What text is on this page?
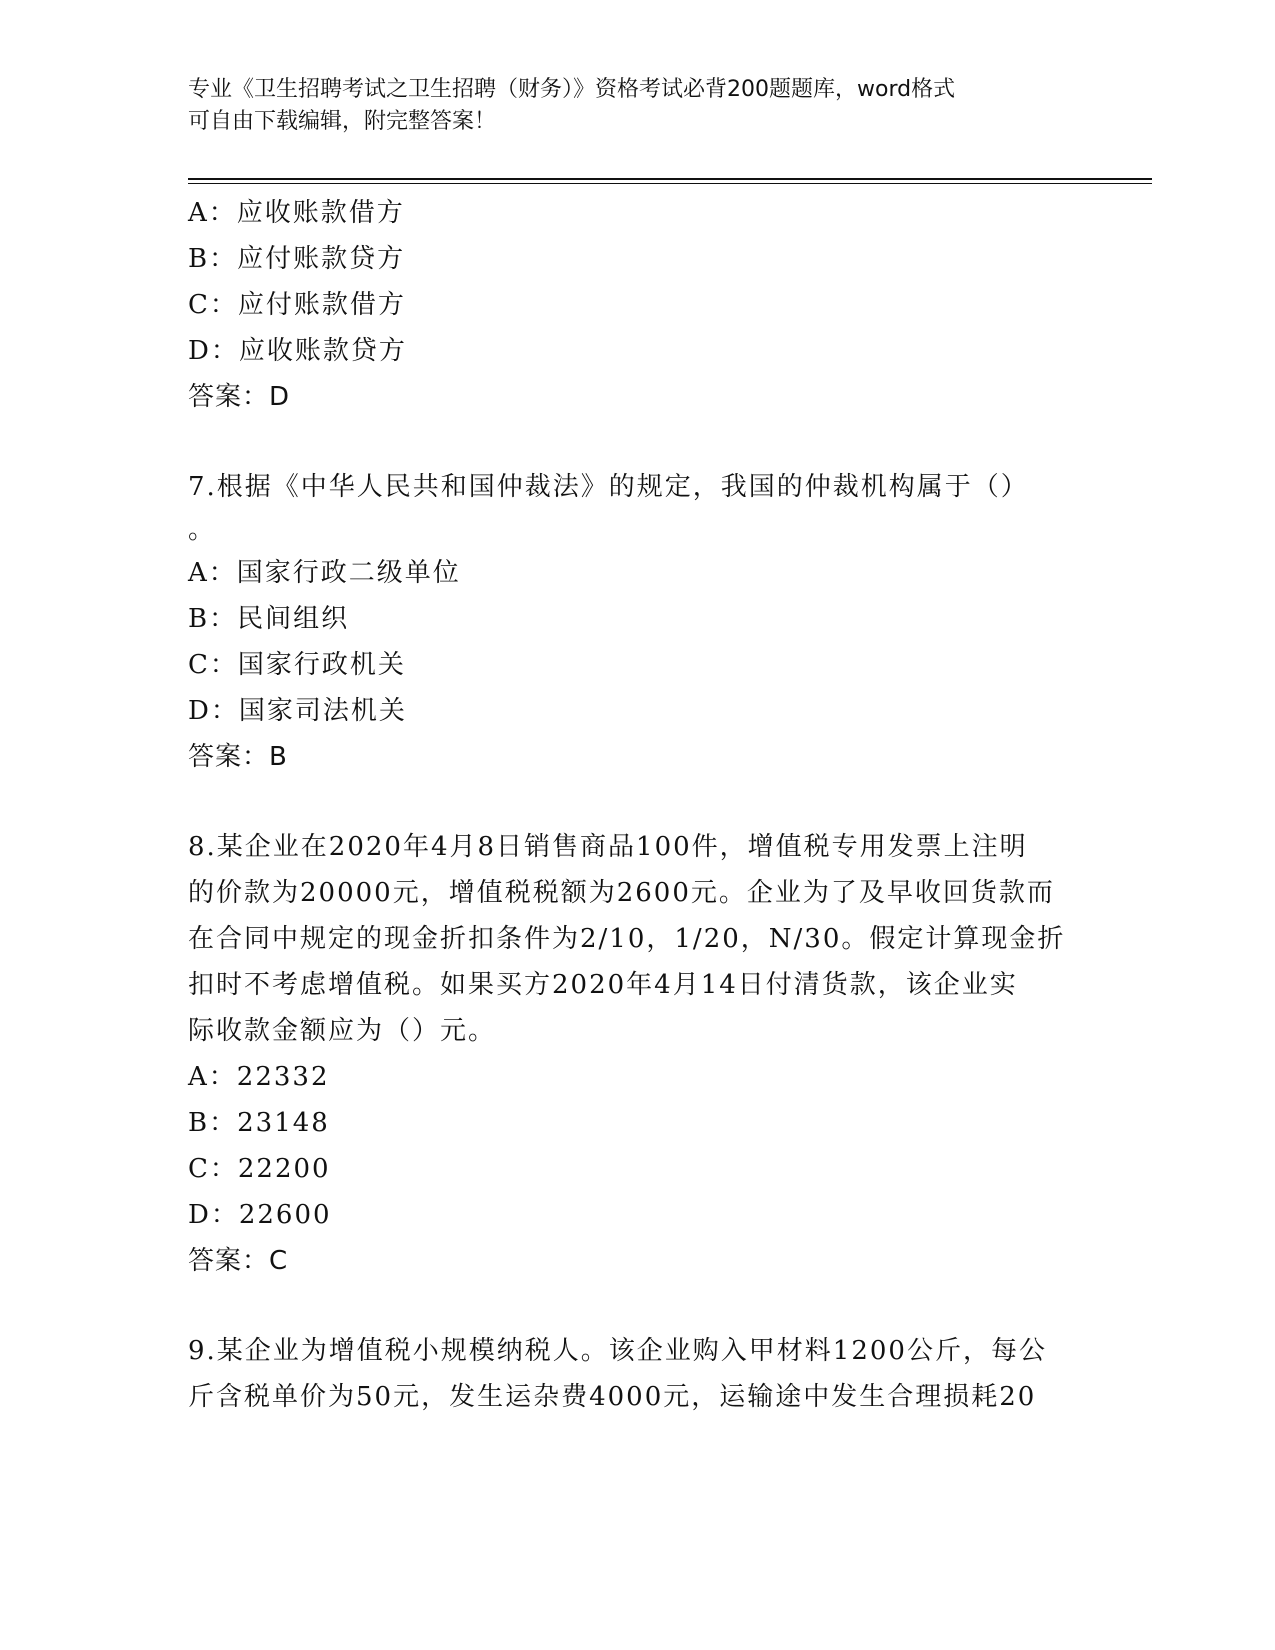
专业《卫生招聘考试之卫生招聘（财务）》资格考试必背200题题库，word格式
可自由下载编辑，附完整答案！
A：应收账款借方
B：应付账款贷方
C：应付账款借方
D：应收账款贷方
答案：D
7.根据《中华人民共和国仲裁法》的规定，我国的仲裁机构属于（）
。
A：国家行政二级单位
B：民间组织
C：国家行政机关
D：国家司法机关
答案：B
8.某企业在2020年4月8日销售商品100件，增值税专用发票上注明
的价款为20000元，增值税税额为2600元。企业为了及早收回货款而
在合同中规定的现金折扣条件为2/10，1/20，N/30。假定计算现金折
扣时不考虑增值税。如果买方2020年4月14日付清货款，该企业实
际收款金额应为（）元。
A：22332
B：23148
C：22200
D：22600
答案：C
9.某企业为增值税小规模纳税人。该企业购入甲材料1200公斤，每公
斤含税单价为50元，发生运杂费4000元，运输途中发生合理损耗20
